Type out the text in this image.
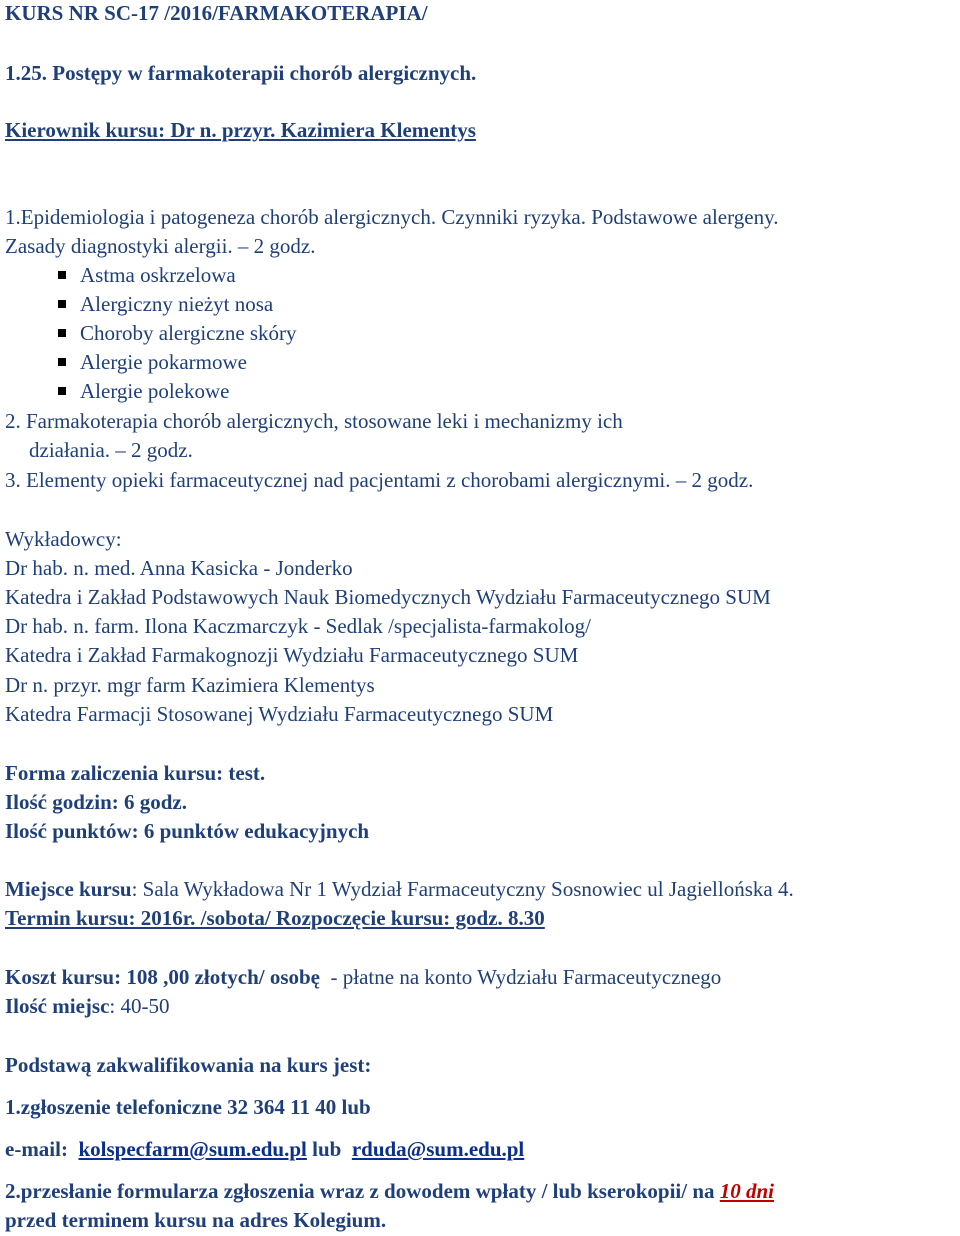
KURS NR SC-17 /2016/FARMAKOTERAPIA/
1.25. Postępy w farmakoterapii chorób alergicznych.
Kierownik kursu: Dr n. przyr. Kazimiera Klementys
1.Epidemiologia i patogeneza chorób alergicznych. Czynniki ryzyka. Podstawowe alergeny.
Zasady diagnostyki alergii. – 2 godz.
Astma oskrzelowa
Alergiczny nieżyt nosa
Choroby alergiczne skóry
Alergie pokarmowe
Alergie polekowe
2. Farmakoterapia chorób alergicznych, stosowane leki i mechanizmy ich
działania. – 2 godz.
3. Elementy opieki farmaceutycznej nad pacjentami z chorobami alergicznymi. – 2 godz.
Wykładowcy:
Dr hab. n. med. Anna Kasicka - Jonderko
Katedra i Zakład Podstawowych Nauk Biomedycznych Wydziału Farmaceutycznego SUM
Dr hab. n. farm. Ilona Kaczmarczyk - Sedlak /specjalista-farmakolog/
Katedra i Zakład Farmakognozji Wydziału Farmaceutycznego SUM
Dr n. przyr. mgr farm Kazimiera Klementys
Katedra Farmacji Stosowanej Wydziału Farmaceutycznego SUM
Forma zaliczenia kursu: test.
Ilość godzin: 6 godz.
Ilość punktów: 6 punktów edukacyjnych
Miejsce kursu: Sala Wykładowa Nr 1 Wydział Farmaceutyczny Sosnowiec ul Jagiellońska 4.
Termin kursu: 2016r. /sobota/ Rozpoczęcie kursu: godz. 8.30
Koszt kursu: 108 ,00 złotych/ osobę  - płatne na konto Wydziału Farmaceutycznego
Ilość miejsc: 40-50
Podstawą zakwalifikowania na kurs jest:
1.zgłoszenie telefoniczne 32 364 11 40 lub
e-mail: kolspecfarm@sum.edu.pl lub rduda@sum.edu.pl
2.przesłanie formularza zgłoszenia wraz z dowodem wpłaty / lub kserokopii/ na 10 dni
przed terminem kursu na adres Kolegium.
